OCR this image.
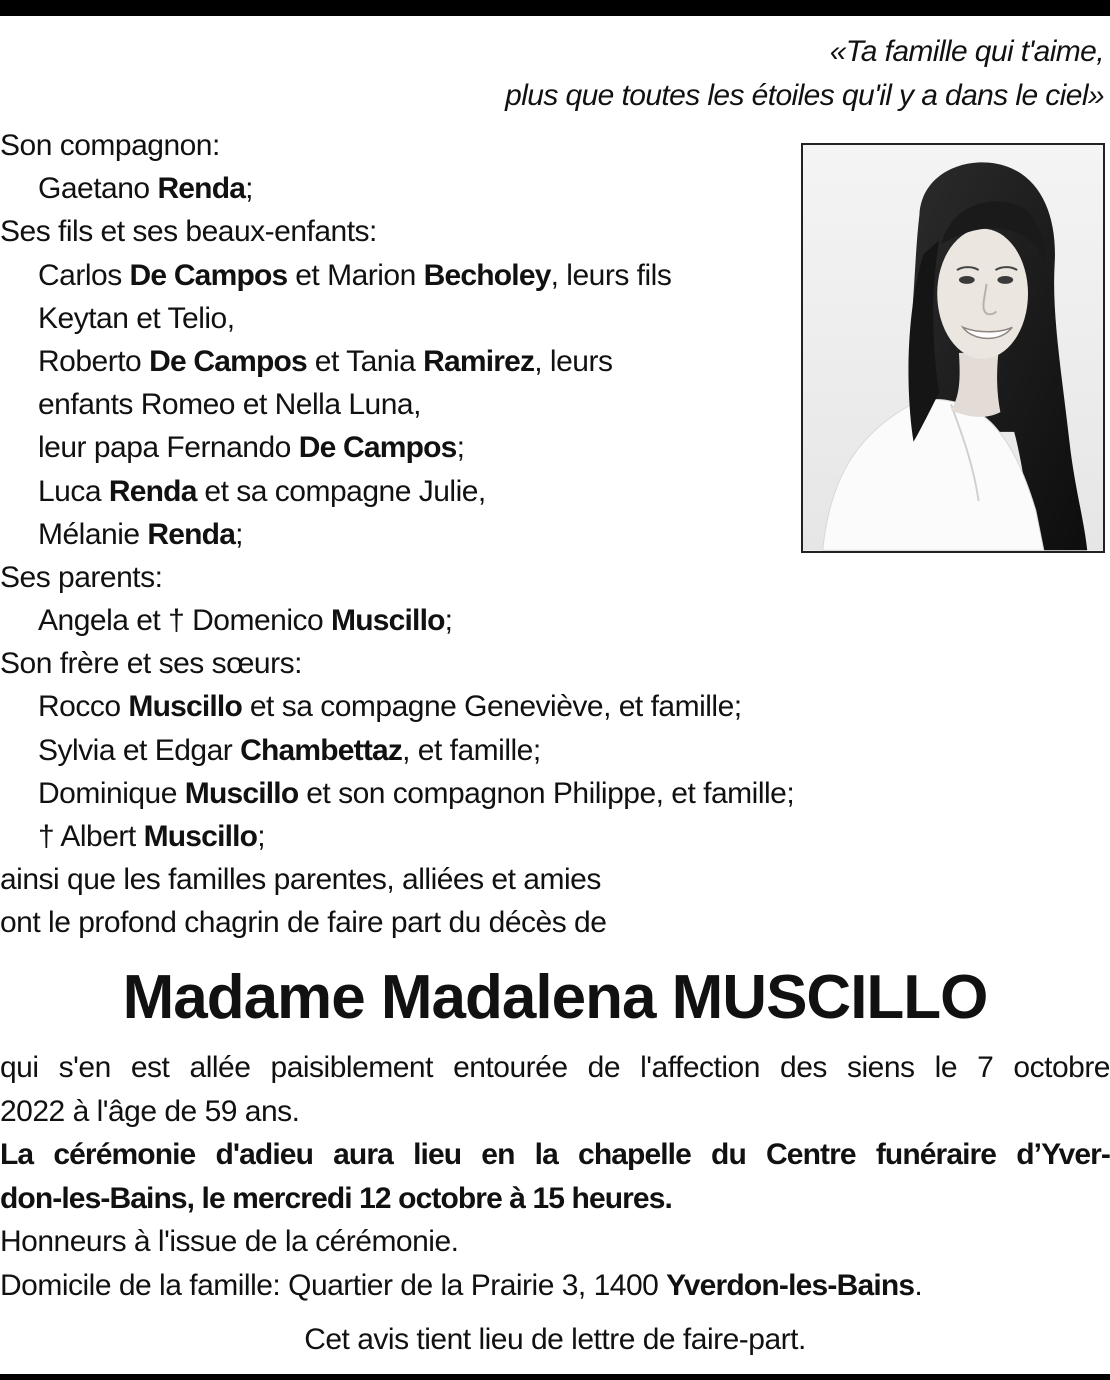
«Ta famille qui t'aime,
plus que toutes les étoiles qu'il y a dans le ciel»
Son compagnon:
Gaetano Renda;
Ses fils et ses beaux-enfants:
Carlos De Campos et Marion Becholey, leurs fils
Keytan et Telio,
Roberto De Campos et Tania Ramirez, leurs
enfants Romeo et Nella Luna,
leur papa Fernando De Campos;
Luca Renda et sa compagne Julie,
Mélanie Renda;
Ses parents:
Angela et † Domenico Muscillo;
Son frère et ses sœurs:
Rocco Muscillo et sa compagne Geneviève, et famille;
Sylvia et Edgar Chambettaz, et famille;
Dominique Muscillo et son compagnon Philippe, et famille;
† Albert Muscillo;
ainsi que les familles parentes, alliées et amies
ont le profond chagrin de faire part du décès de
Madame Madalena MUSCILLO
qui s'en est allée paisiblement entourée de l'affection des siens le 7 octobre
2022 à l'âge de 59 ans.
La cérémonie d'adieu aura lieu en la chapelle du Centre funéraire d’Yver-
don-les-Bains, le mercredi 12 octobre à 15 heures.
Honneurs à l'issue de la cérémonie.
Domicile de la famille: Quartier de la Prairie 3, 1400 Yverdon-les-Bains.
Cet avis tient lieu de lettre de faire-part.
